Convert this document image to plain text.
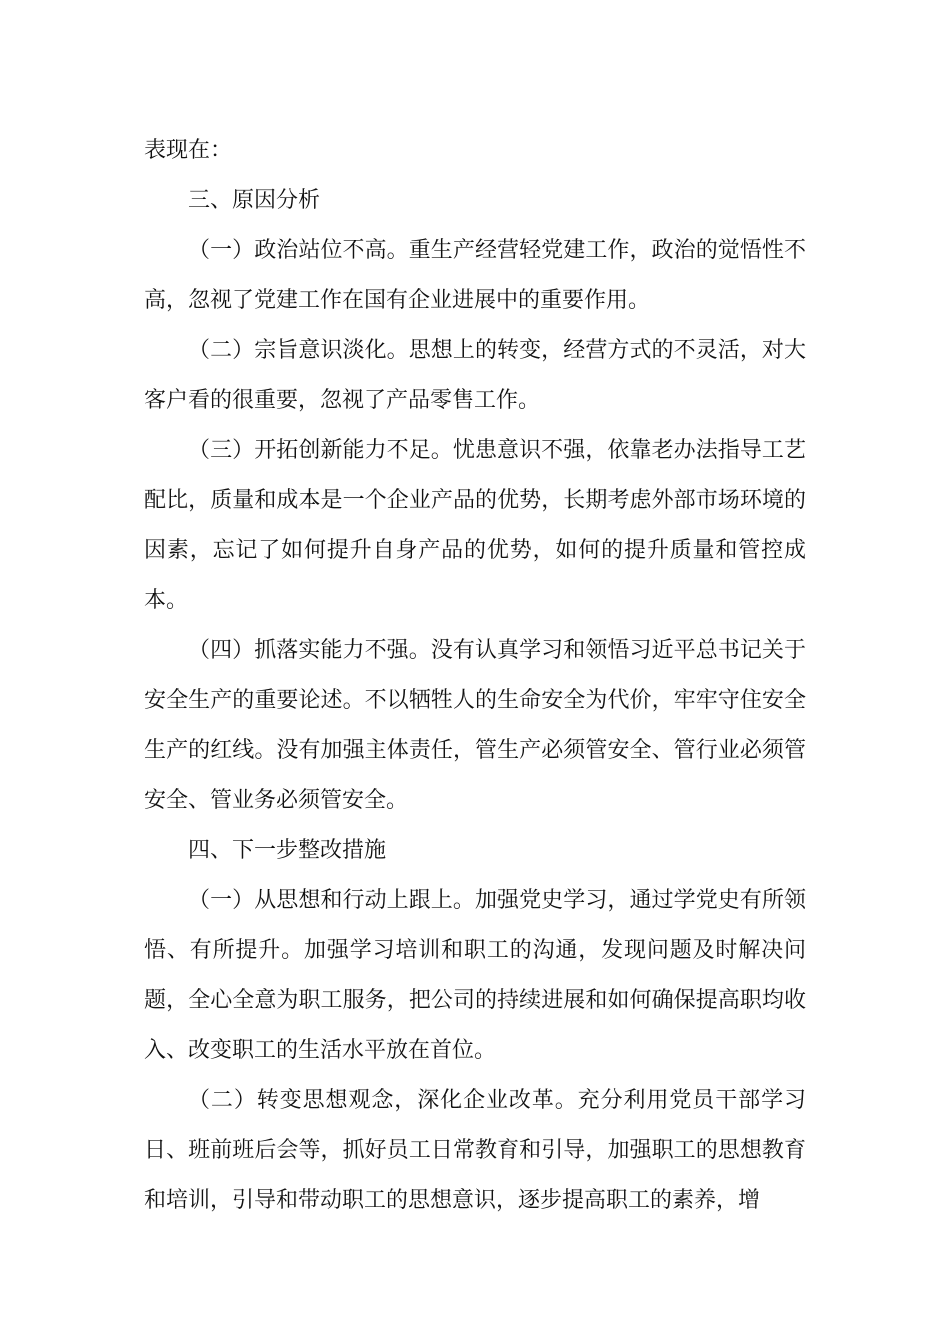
表现在：

三、原因分析

（一）政治站位不高。重生产经营轻党建工作，政治的觉悟性不高，忽视了党建工作在国有企业进展中的重要作用。

（二）宗旨意识淡化。思想上的转变，经营方式的不灵活，对大客户看的很重要，忽视了产品零售工作。

（三）开拓创新能力不足。忧患意识不强，依靠老办法指导工艺配比，质量和成本是一个企业产品的优势，长期考虑外部市场环境的因素，忘记了如何提升自身产品的优势，如何的提升质量和管控成本。

（四）抓落实能力不强。没有认真学习和领悟习近平总书记关于安全生产的重要论述。不以牺牲人的生命安全为代价，牢牢守住安全生产的红线。没有加强主体责任，管生产必须管安全、管行业必须管安全、管业务必须管安全。

四、下一步整改措施

（一）从思想和行动上跟上。加强党史学习，通过学党史有所领悟、有所提升。加强学习培训和职工的沟通，发现问题及时解决问题，全心全意为职工服务，把公司的持续进展和如何确保提高职均收入、改变职工的生活水平放在首位。

（二）转变思想观念，深化企业改革。充分利用党员干部学习日、班前班后会等，抓好员工日常教育和引导，加强职工的思想教育和培训，引导和带动职工的思想意识，逐步提高职工的素养，增
